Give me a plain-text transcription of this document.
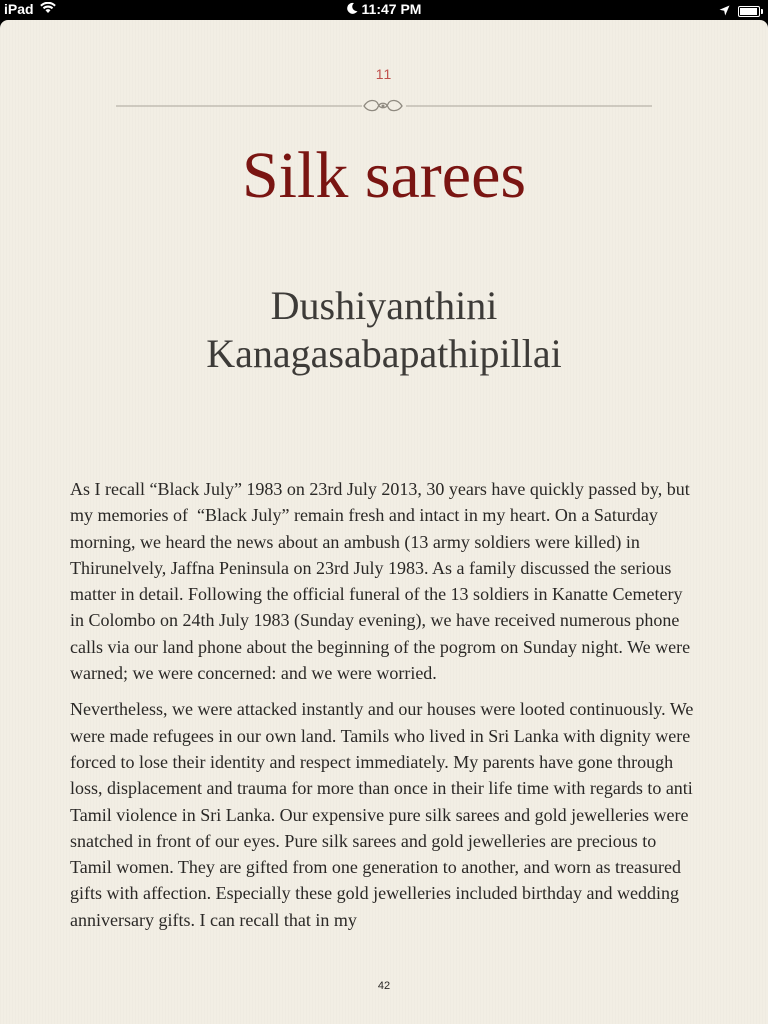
iPad	11:47 PM
11
Silk sarees
Dushiyanthini
Kanagasabapathipillai

As I recall “Black July” 1983 on 23rd July 2013, 30 years have quickly passed by, but my memories of  “Black July” remain fresh and intact in my heart. On a Saturday morning, we heard the news about an ambush (13 army soldiers were killed) in Thirunelvely, Jaffna Peninsula on 23rd July 1983. As a family discussed the serious matter in detail. Following the official funeral of the 13 soldiers in Kanatte Cemetery in Colombo on 24th July 1983 (Sunday evening), we have received numerous phone calls via our land phone about the beginning of the pogrom on Sunday night. We were warned; we were concerned: and we were worried.

Nevertheless, we were attacked instantly and our houses were looted continuously. We were made refugees in our own land. Tamils who lived in Sri Lanka with dignity were forced to lose their identity and respect immediately. My parents have gone through loss, displacement and trauma for more than once in their life time with regards to anti Tamil violence in Sri Lanka. Our expensive pure silk sarees and gold jewelleries were snatched in front of our eyes. Pure silk sarees and gold jewelleries are precious to Tamil women. They are gifted from one generation to another, and worn as treasured gifts with affection. Especially these gold jewelleries included birthday and wedding anniversary gifts. I can recall that in my

42
